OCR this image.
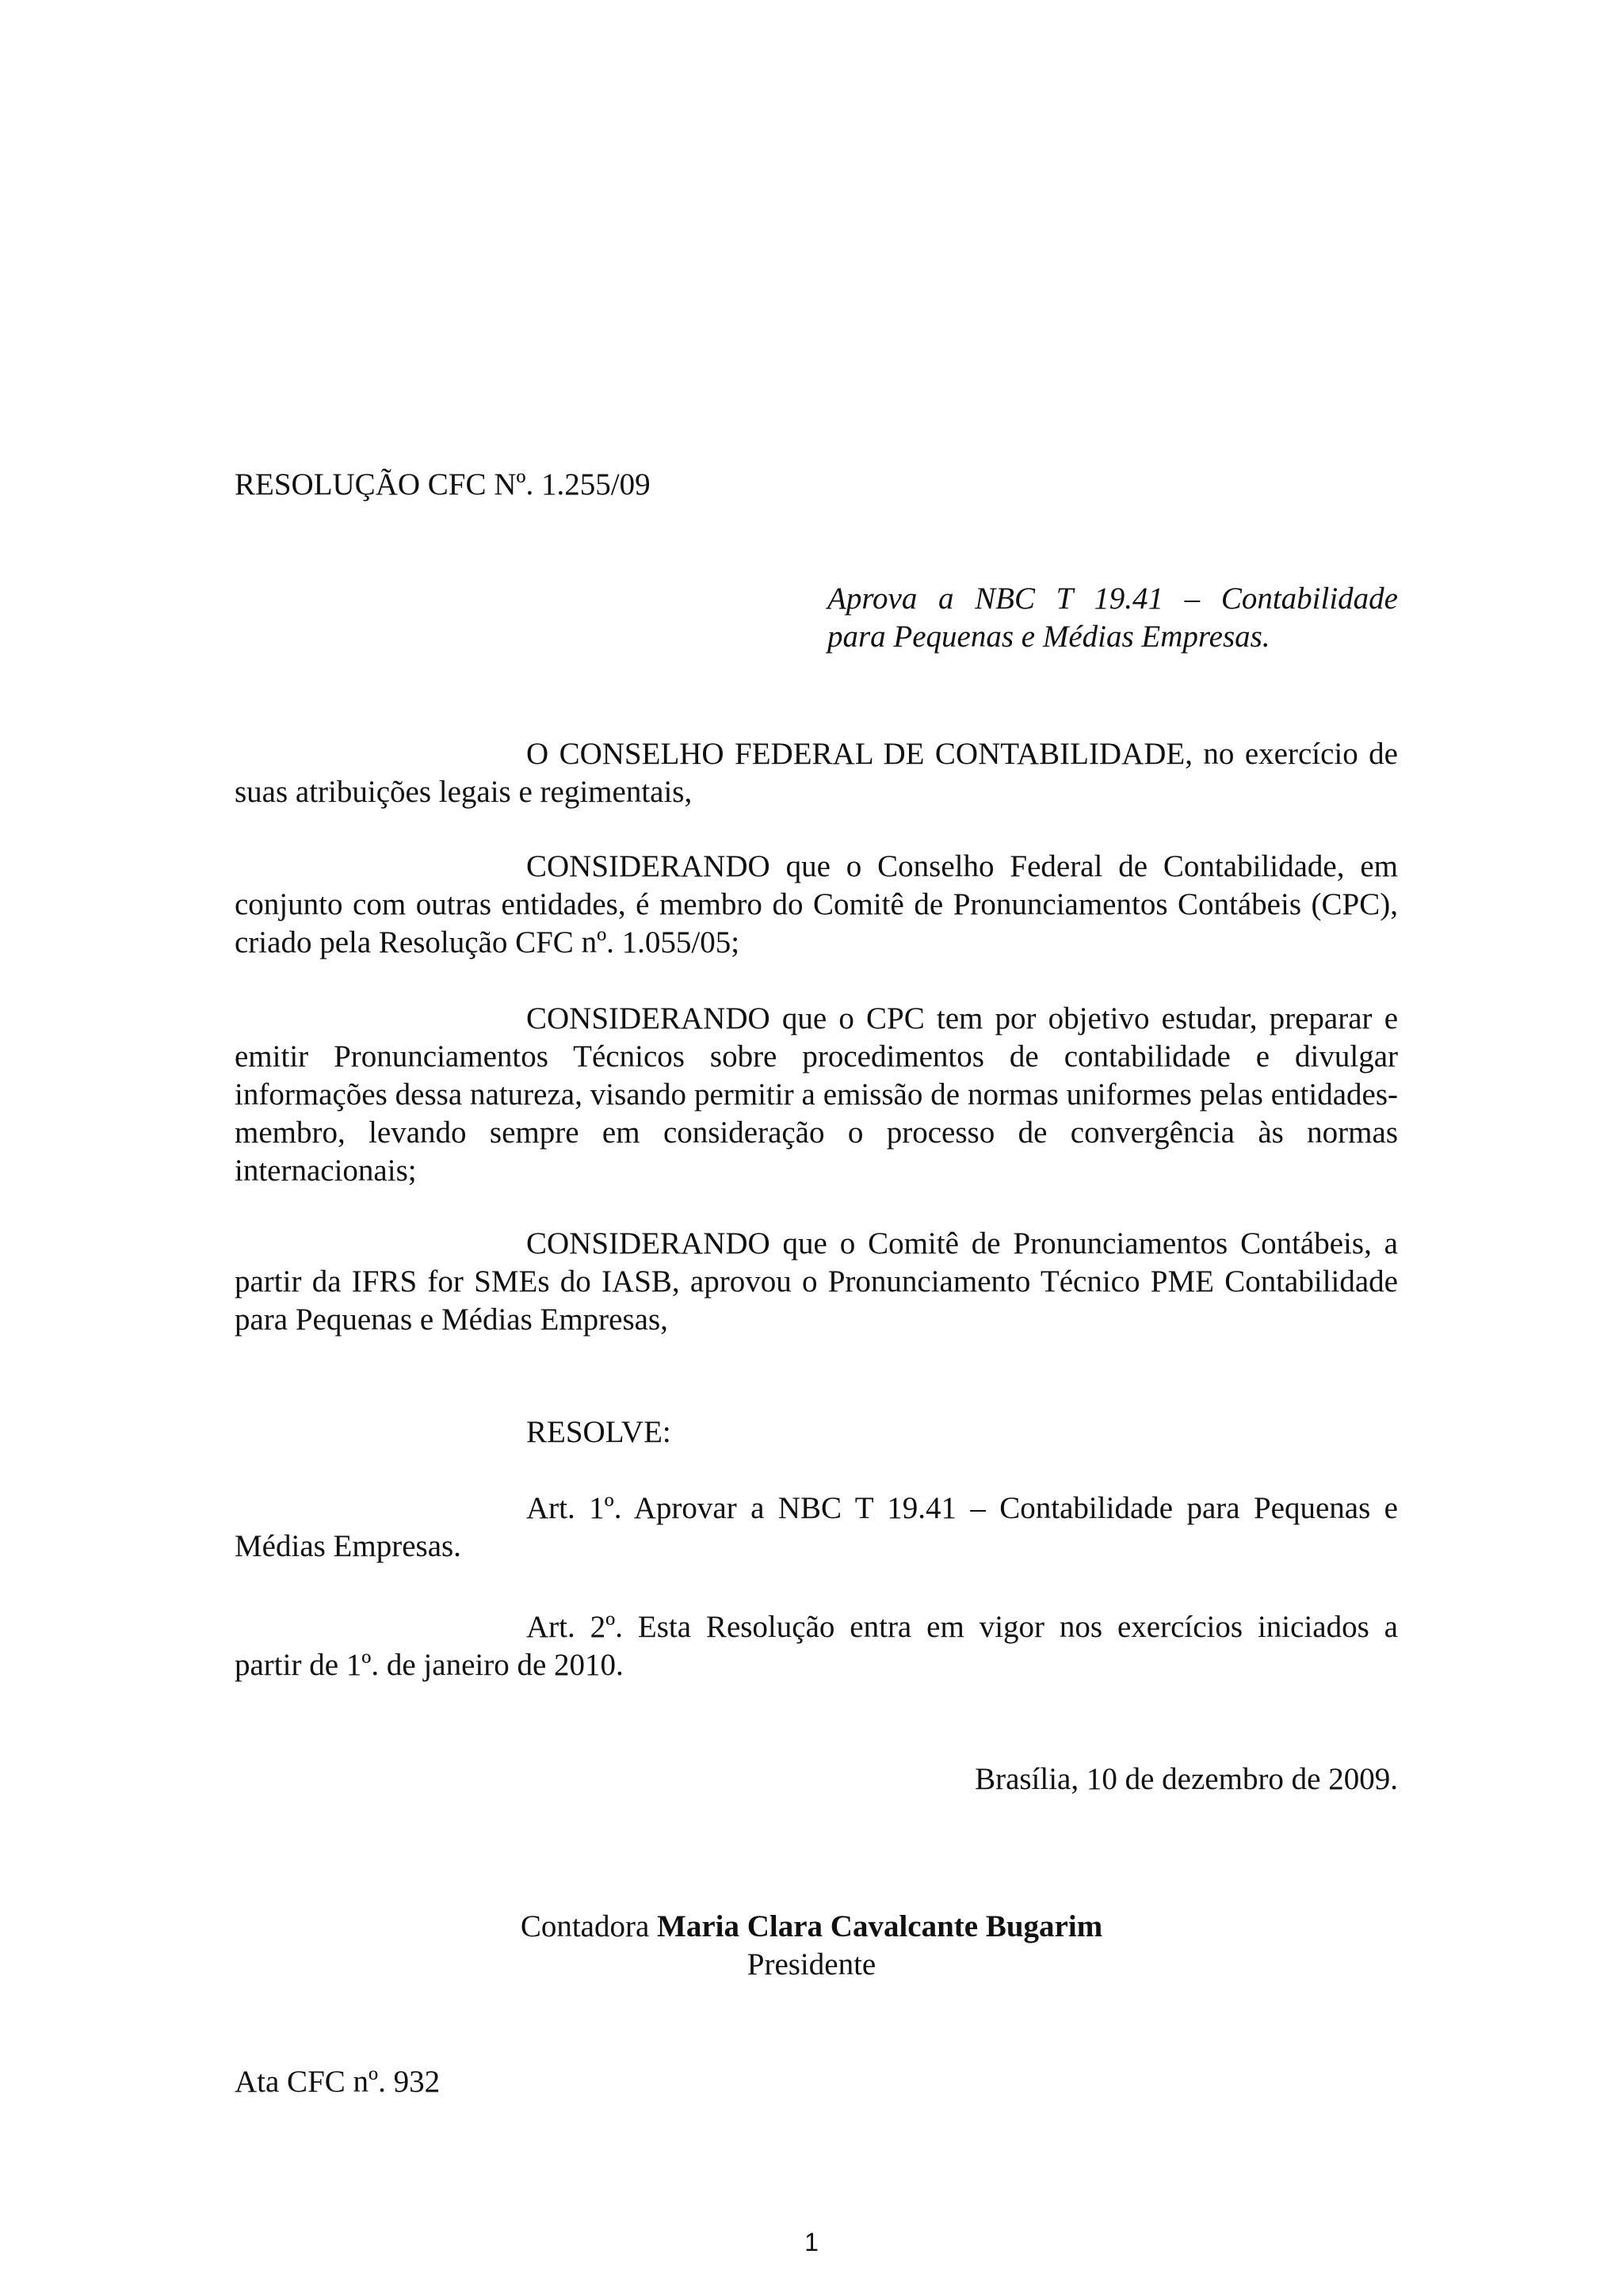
RESOLUÇÃO CFC Nº. 1.255/09

Aprova a NBC T 19.41 – Contabilidade
para Pequenas e Médias Empresas.

O CONSELHO FEDERAL DE CONTABILIDADE, no exercício de suas atribuições legais e regimentais,

CONSIDERANDO que o Conselho Federal de Contabilidade, em conjunto com outras entidades, é membro do Comitê de Pronunciamentos Contábeis (CPC), criado pela Resolução CFC nº. 1.055/05;

CONSIDERANDO que o CPC tem por objetivo estudar, preparar e emitir Pronunciamentos Técnicos sobre procedimentos de contabilidade e divulgar informações dessa natureza, visando permitir a emissão de normas uniformes pelas entidades-membro, levando sempre em consideração o processo de convergência às normas internacionais;

CONSIDERANDO que o Comitê de Pronunciamentos Contábeis, a partir da IFRS for SMEs do IASB, aprovou o Pronunciamento Técnico PME Contabilidade para Pequenas e Médias Empresas,

RESOLVE:

Art. 1º. Aprovar a NBC T 19.41 – Contabilidade para Pequenas e
Médias Empresas.

Art. 2º. Esta Resolução entra em vigor nos exercícios iniciados a
partir de 1º. de janeiro de 2010.

Brasília, 10 de dezembro de 2009.

Contadora Maria Clara Cavalcante Bugarim
Presidente

Ata CFC nº. 932

1
